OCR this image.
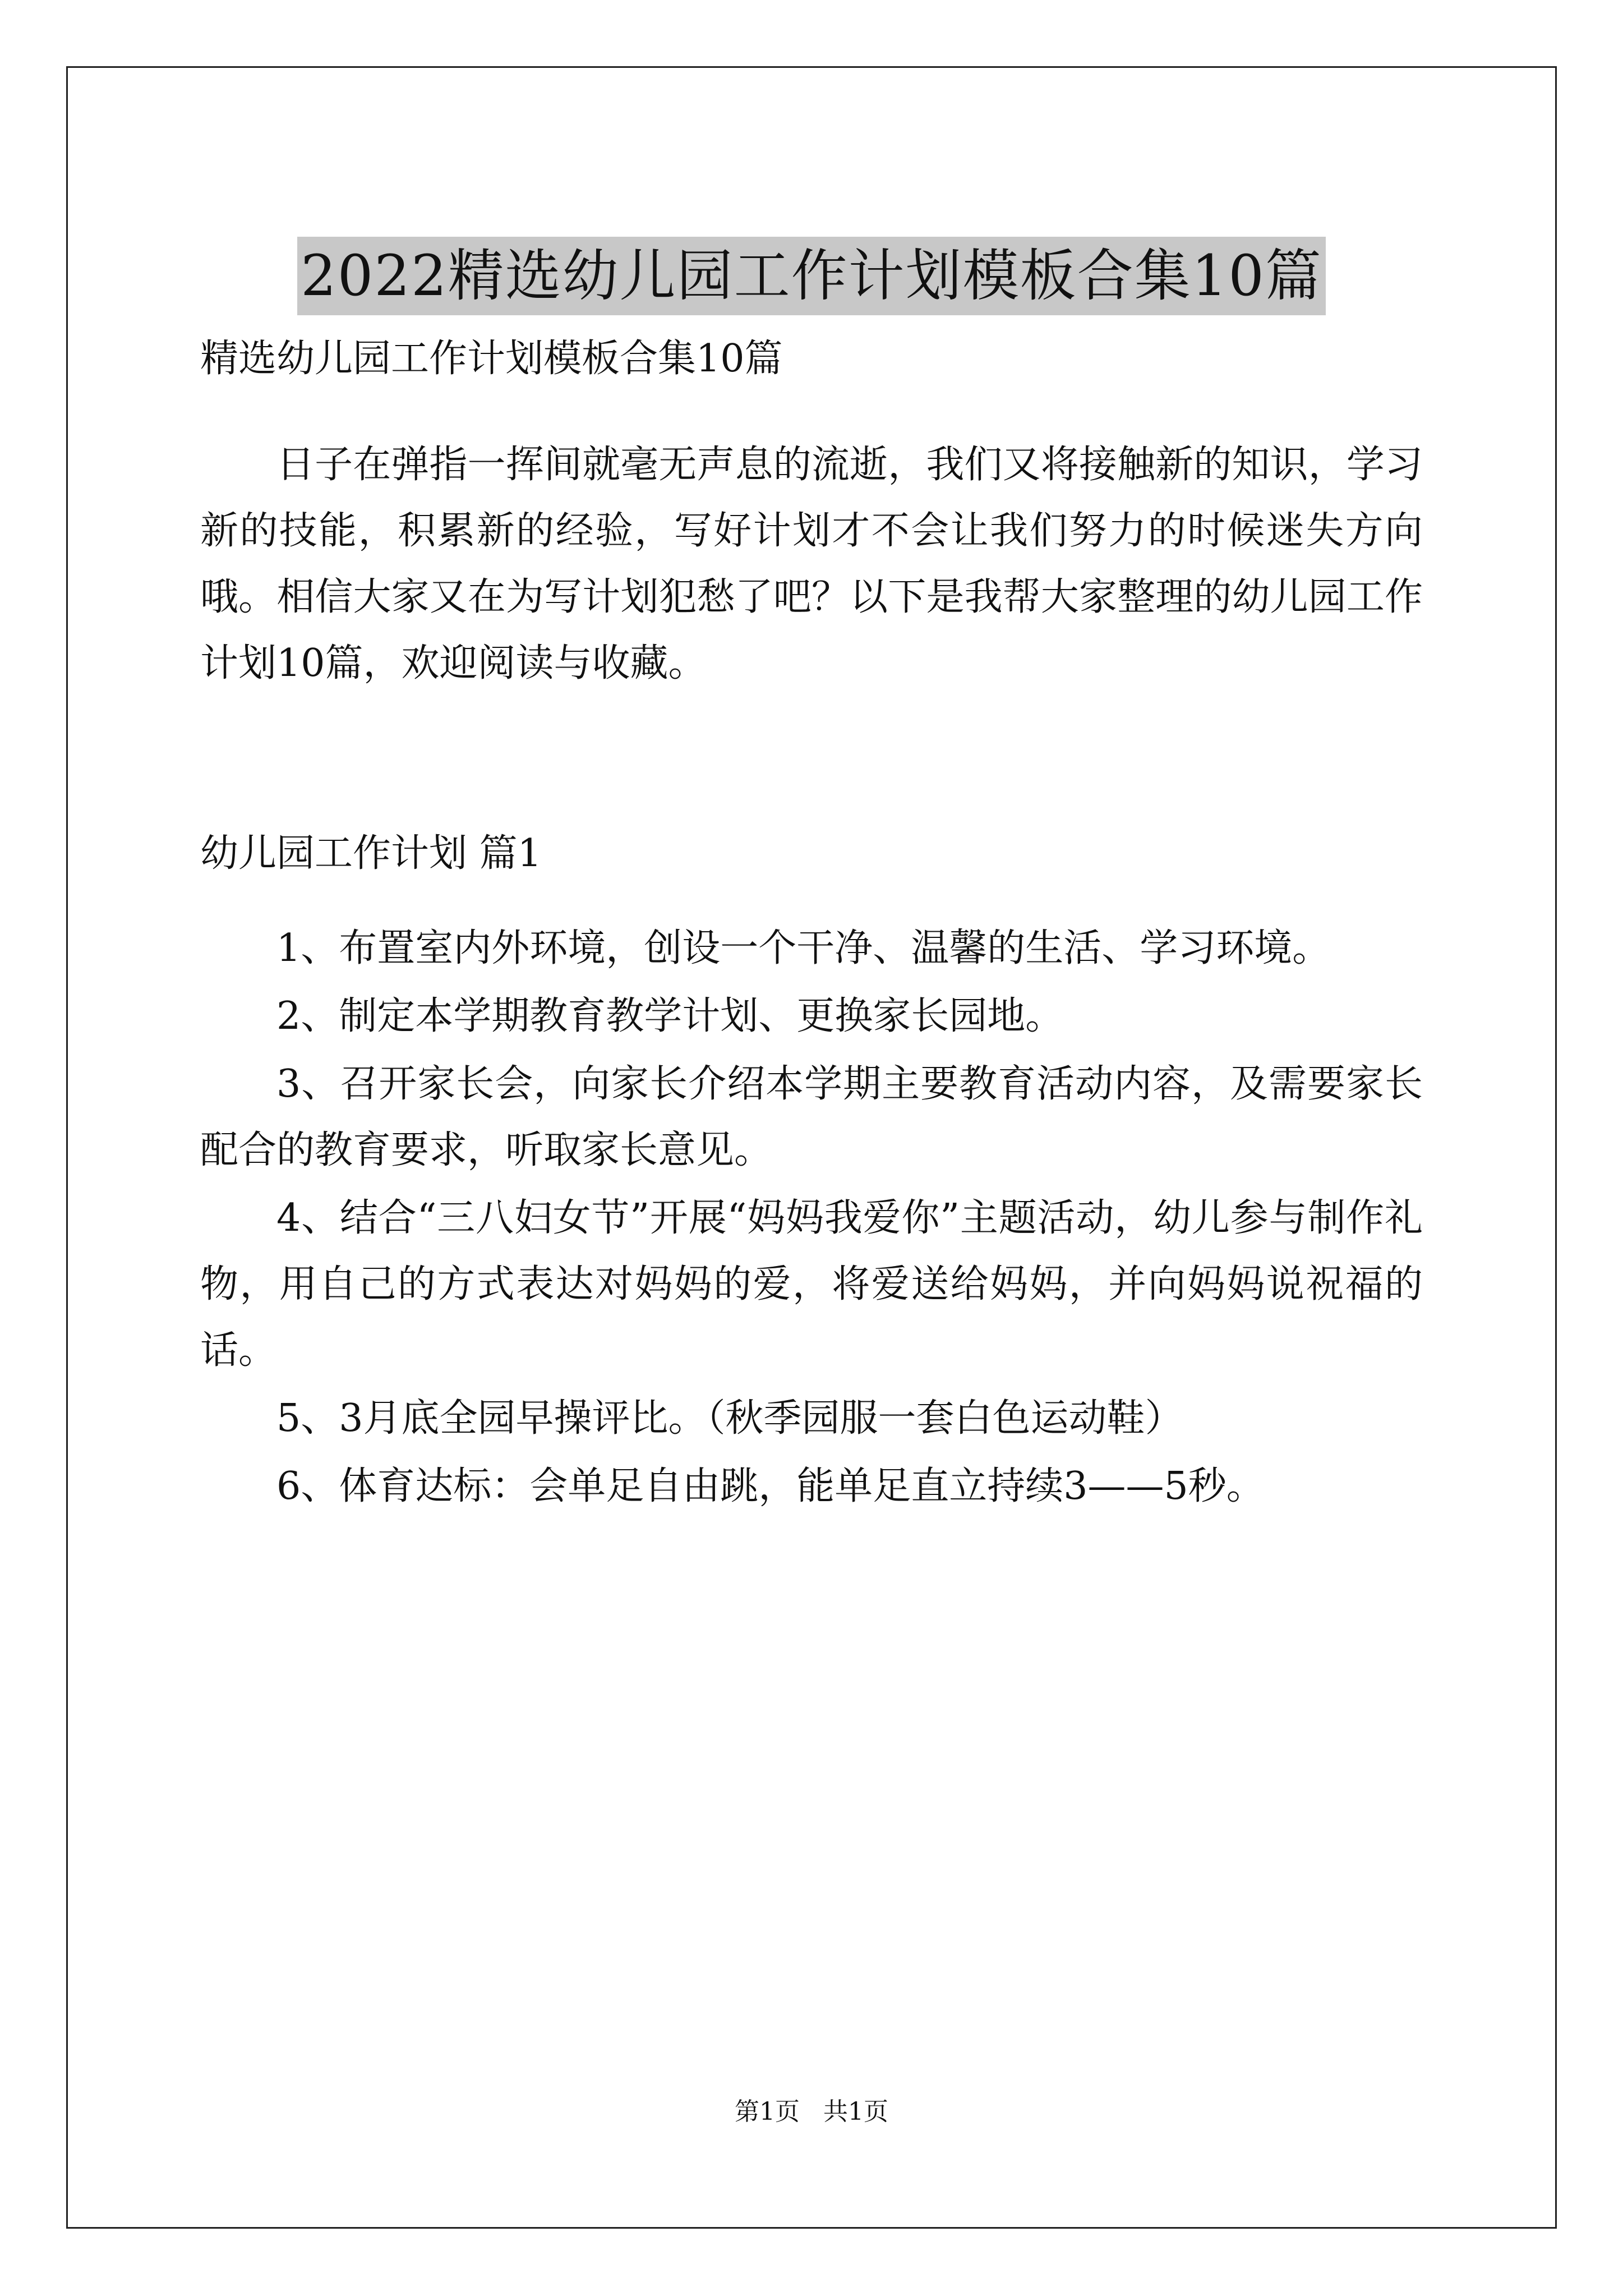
2022精选幼儿园工作计划模板合集10篇
精选幼儿园工作计划模板合集10篇

日子在弹指一挥间就毫无声息的流逝，我们又将接触新的知识，学习新的技能，积累新的经验，写好计划才不会让我们努力的时候迷失方向哦。相信大家又在为写计划犯愁了吧？以下是我帮大家整理的幼儿园工作计划10篇，欢迎阅读与收藏。

幼儿园工作计划 篇1

1、布置室内外环境，创设一个干净、温馨的生活、学习环境。

2、制定本学期教育教学计划、更换家长园地。

3、召开家长会，向家长介绍本学期主要教育活动内容，及需要家长配合的教育要求，听取家长意见。

4、结合“三八妇女节”开展“妈妈我爱你”主题活动，幼儿参与制作礼物，用自己的方式表达对妈妈的爱，将爱送给妈妈，并向妈妈说祝福的话。

5、3月底全园早操评比。（秋季园服一套白色运动鞋）

6、体育达标：会单足自由跳，能单足直立持续3——5秒。

第1页   共1页
